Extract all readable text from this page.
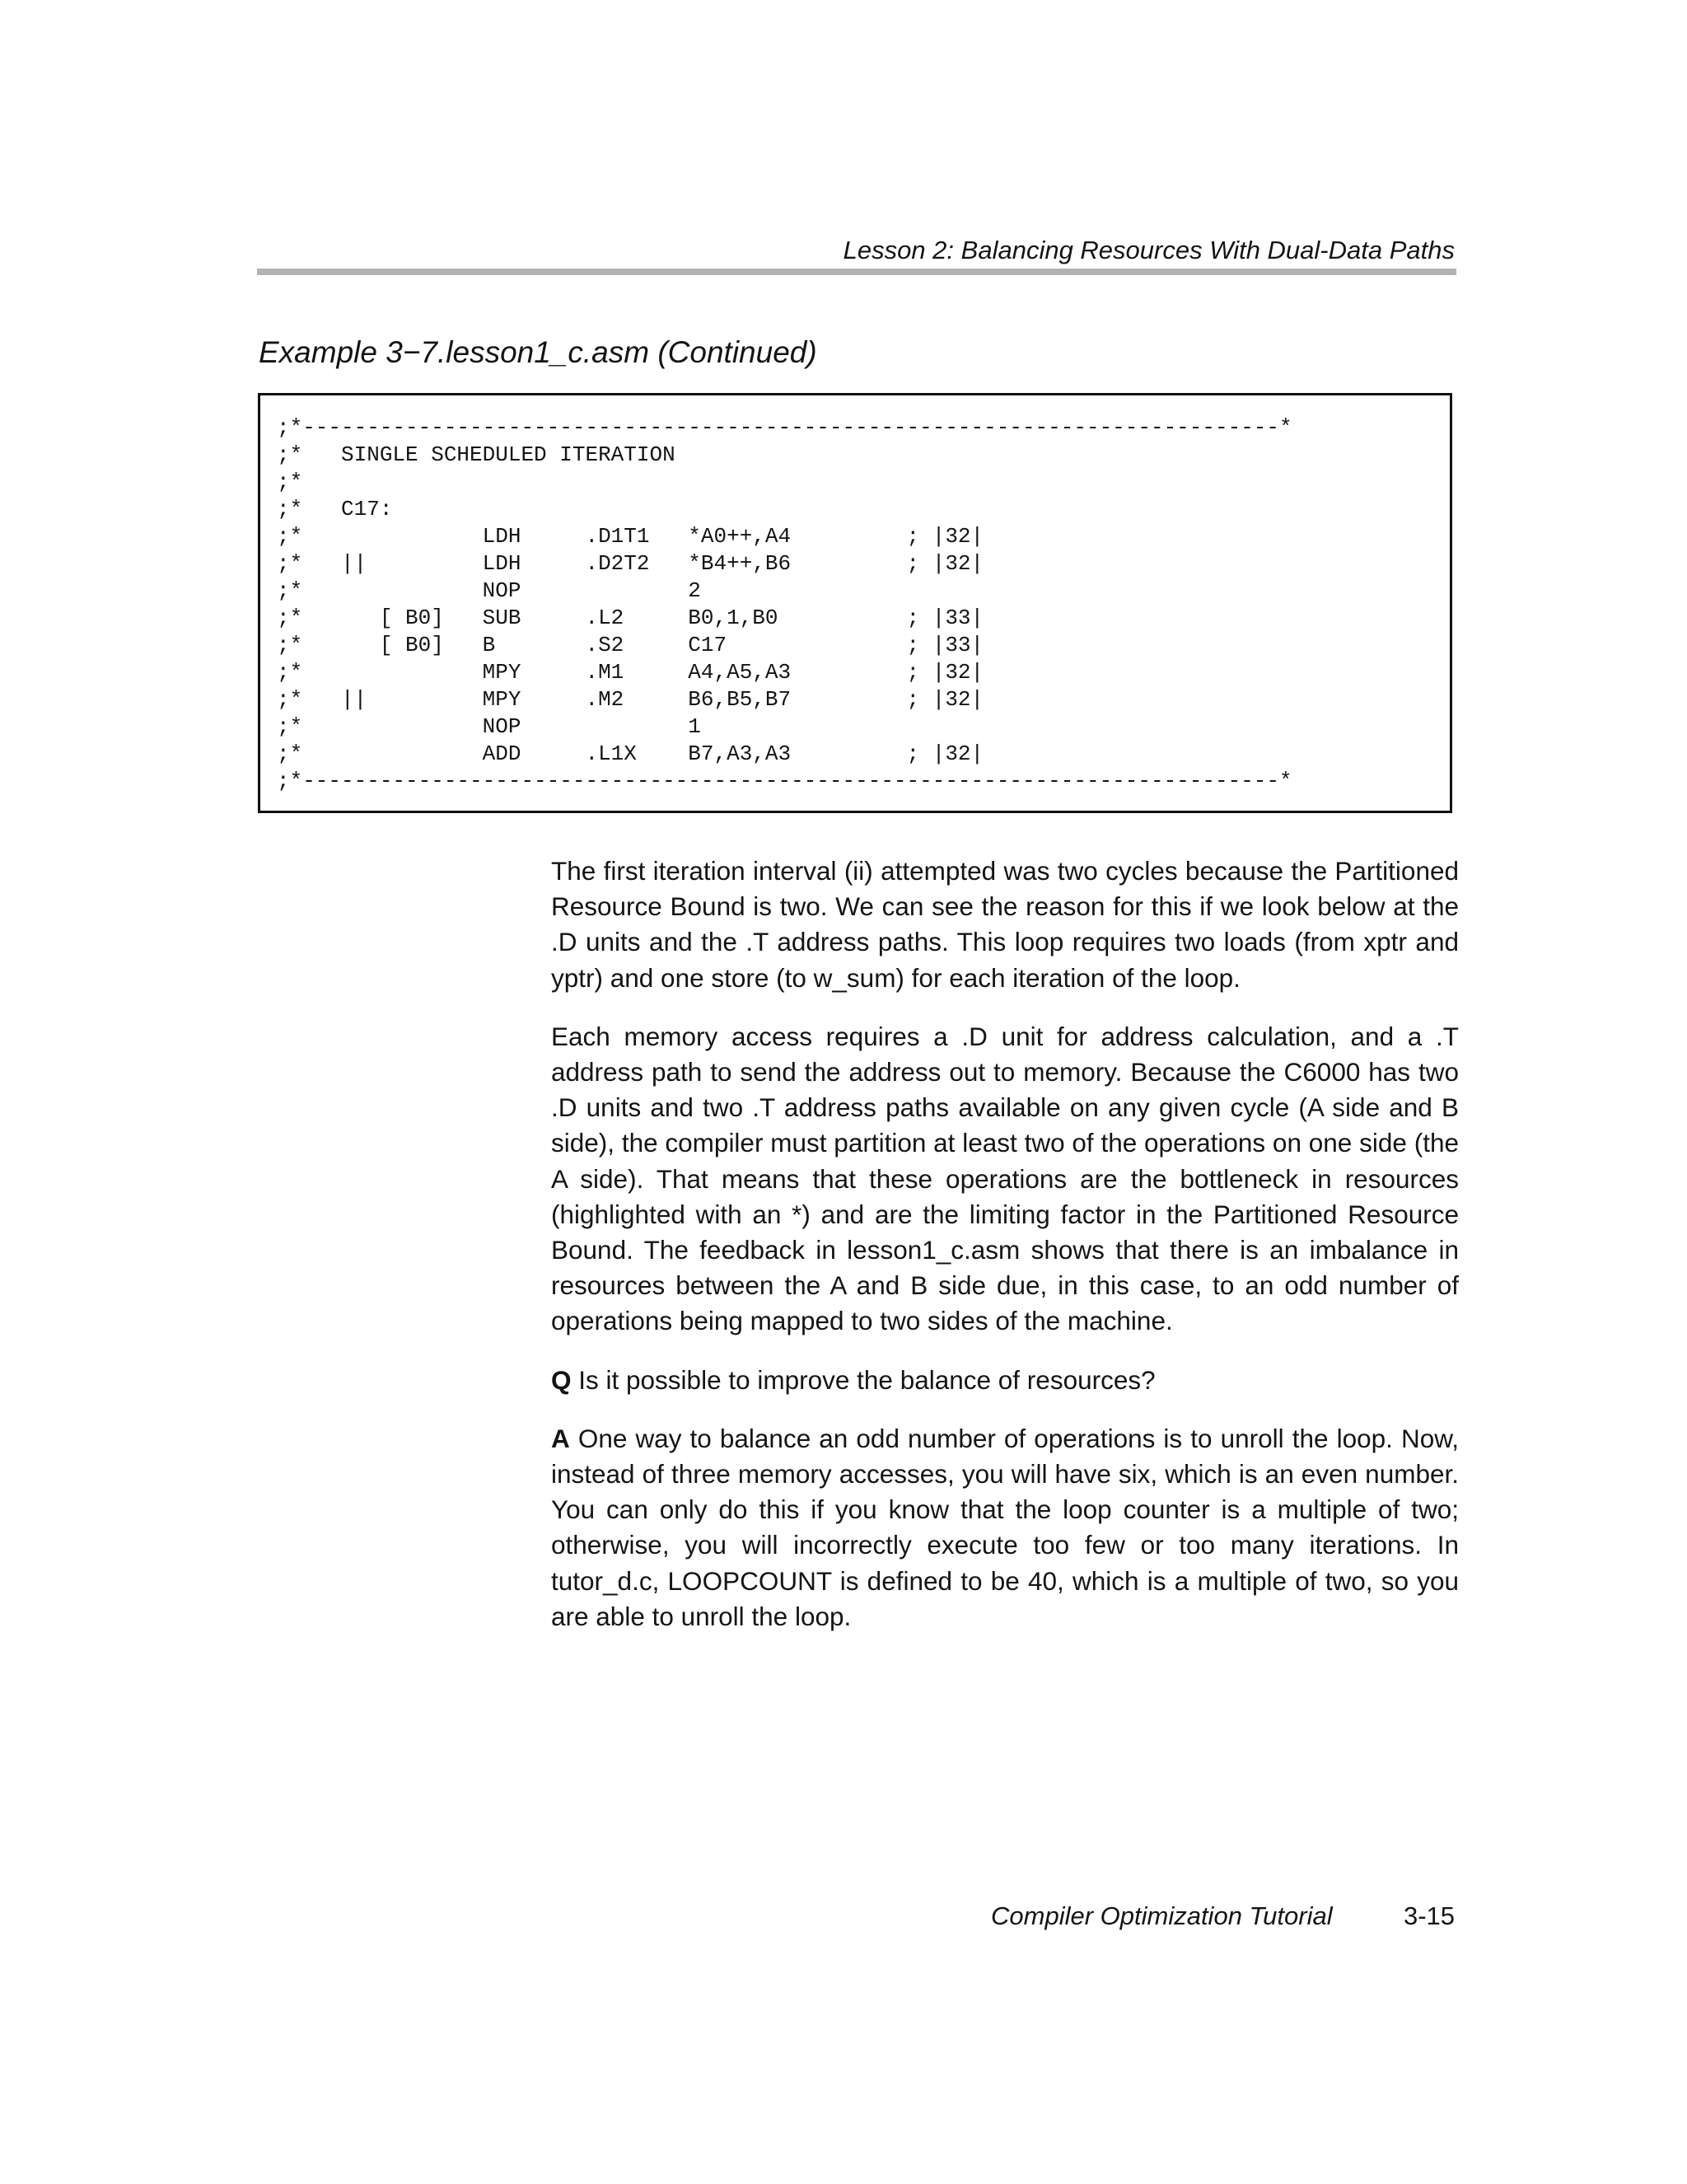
Lesson 2: Balancing Resources With Dual-Data Paths
Example 3−7.lesson1_c.asm (Continued)
;*----------------------------------------------------------------------------*
;*   SINGLE SCHEDULED ITERATION
;*
;*   C17:
;*              LDH     .D1T1   *A0++,A4         ; |32|
;*   ||         LDH     .D2T2   *B4++,B6         ; |32|
;*              NOP             2
;*      [ B0]   SUB     .L2     B0,1,B0          ; |33|
;*      [ B0]   B       .S2     C17              ; |33|
;*              MPY     .M1     A4,A5,A3         ; |32|
;*   ||         MPY     .M2     B6,B5,B7         ; |32|
;*              NOP             1
;*              ADD     .L1X    B7,A3,A3         ; |32|
;*----------------------------------------------------------------------------*

The first iteration interval (ii) attempted was two cycles because the Partitioned Resource Bound is two. We can see the reason for this if we look below at the .D units and the .T address paths. This loop requires two loads (from xptr and yptr) and one store (to w_sum) for each iteration of the loop.

Each memory access requires a .D unit for address calculation, and a .T address path to send the address out to memory. Because the C6000 has two .D units and two .T address paths available on any given cycle (A side and B side), the compiler must partition at least two of the operations on one side (the A side). That means that these operations are the bottleneck in resources (highlighted with an *) and are the limiting factor in the Partitioned Resource Bound. The feedback in lesson1_c.asm shows that there is an imbalance in resources between the A and B side due, in this case, to an odd number of operations being mapped to two sides of the machine.

Q Is it possible to improve the balance of resources?

A One way to balance an odd number of operations is to unroll the loop. Now, instead of three memory accesses, you will have six, which is an even number. You can only do this if you know that the loop counter is a multiple of two; otherwise, you will incorrectly execute too few or too many iterations. In tutor_d.c, LOOPCOUNT is defined to be 40, which is a multiple of two, so you are able to unroll the loop.

Compiler Optimization Tutorial	3-15
